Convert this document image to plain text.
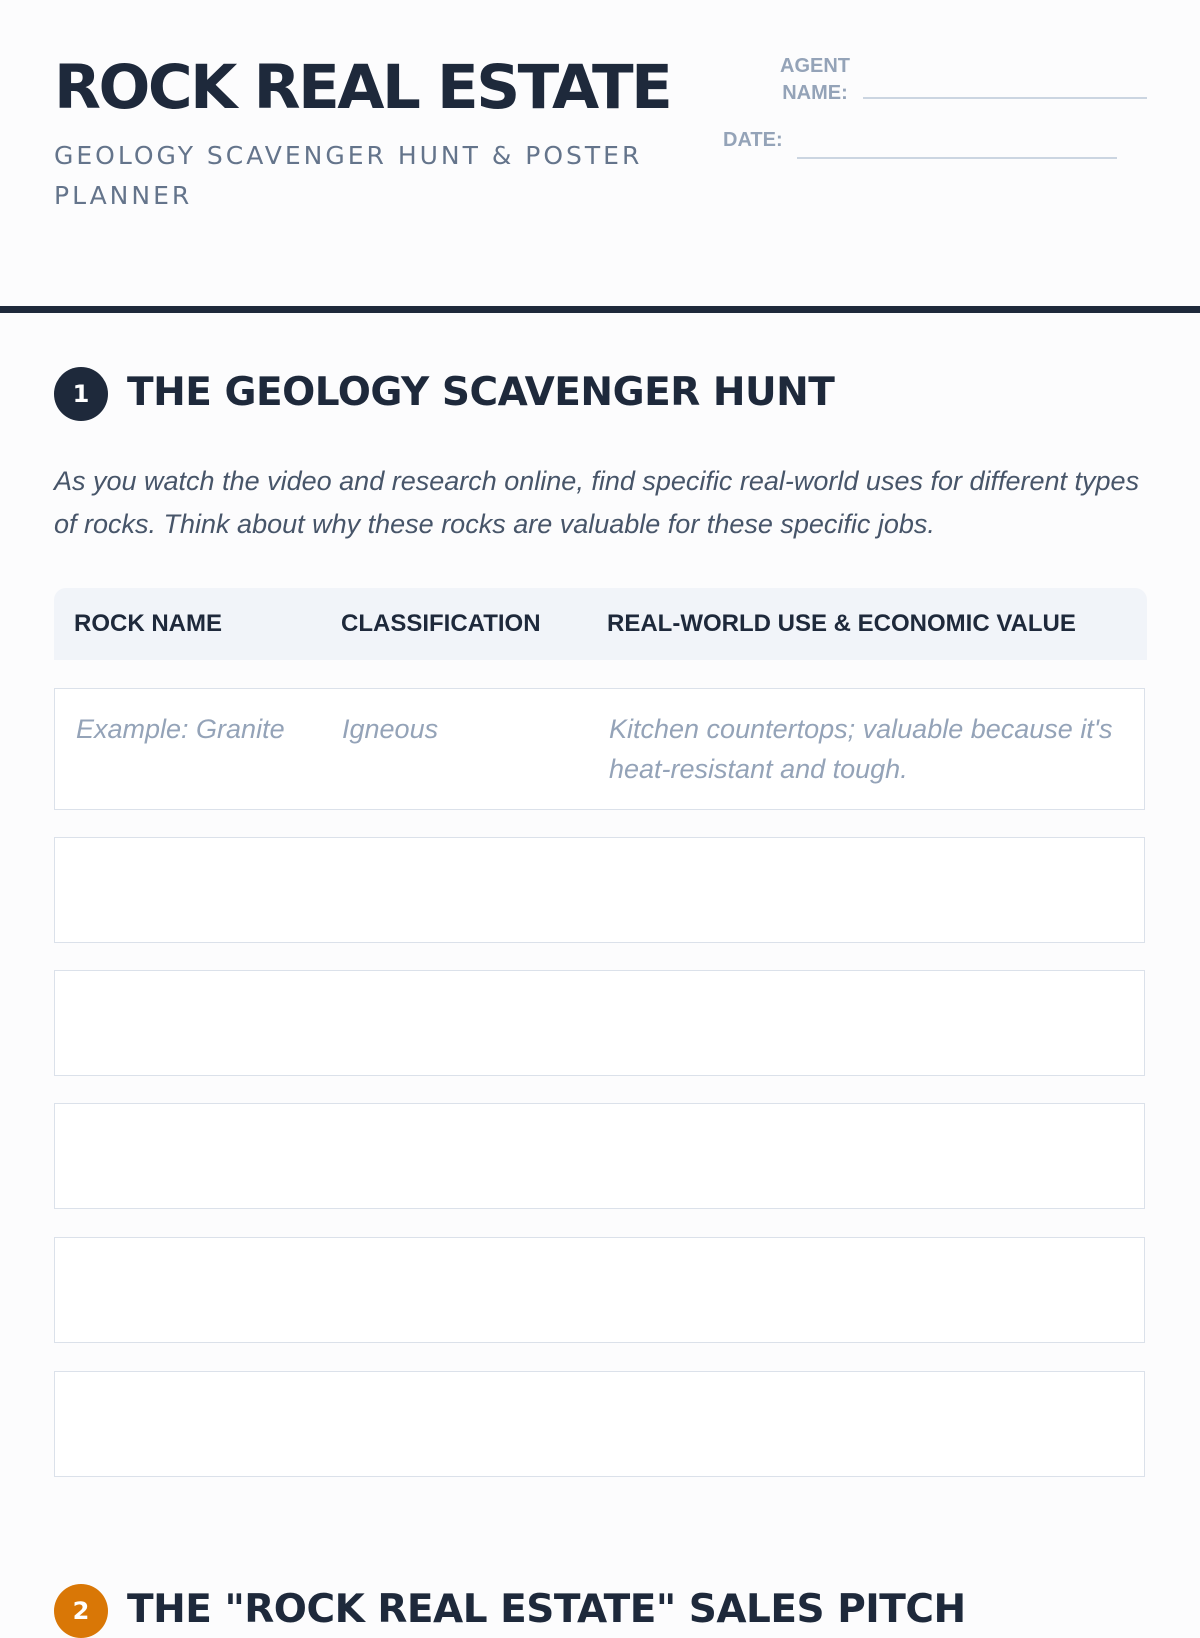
ROCK REAL ESTATE

GEOLOGY SCAVENGER HUNT & POSTER PLANNER

AGENT
NAME:
DATE:
1 THE GEOLOGY SCAVENGER HUNT

As you watch the video and research online, find specific real-world uses for different types of rocks. Think about why these rocks are valuable for these specific jobs.

ROCK NAME	CLASSIFICATION	REAL-WORLD USE & ECONOMIC VALUE
Example: Granite	Igneous	Kitchen countertops; valuable because it's heat-resistant and tough.
2 THE "ROCK REAL ESTATE" SALES PITCH
